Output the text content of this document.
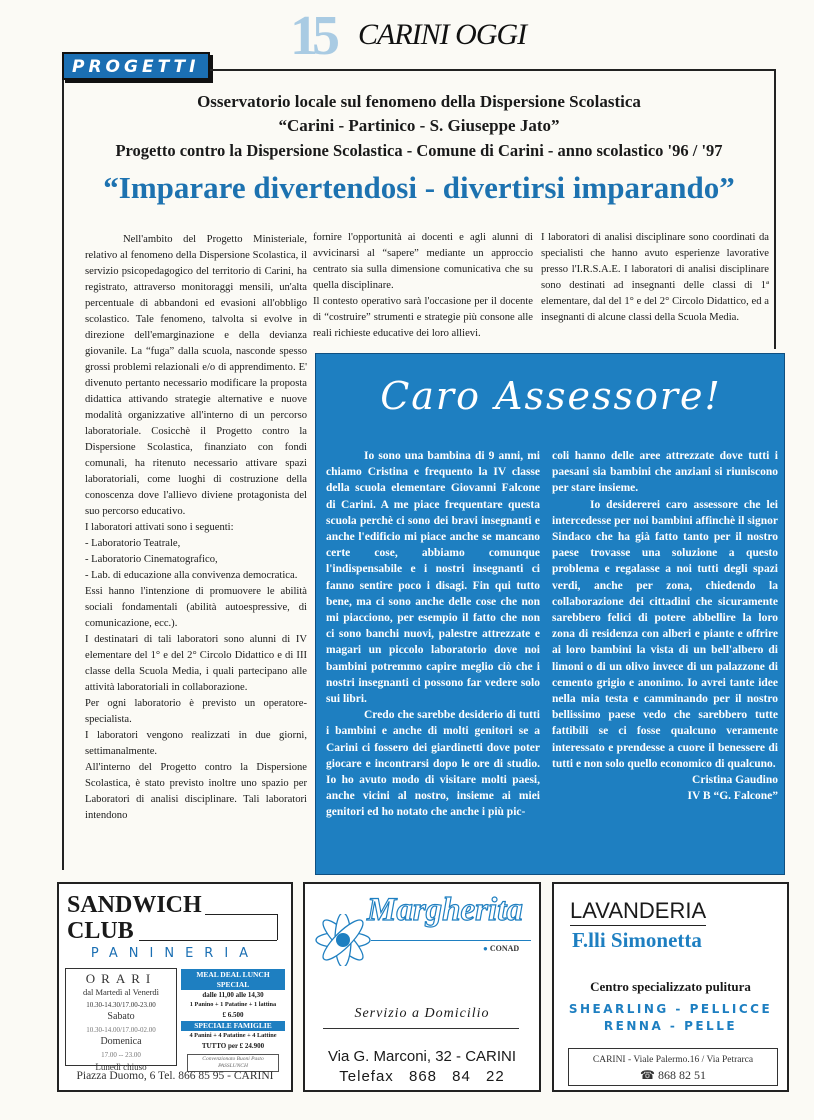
15 CARINI OGGI
PROGETTI
Osservatorio locale sul fenomeno della Dispersione Scolastica
“Carini - Partinico - S. Giuseppe Jato”
Progetto contro la Dispersione Scolastica - Comune di Carini - anno scolastico '96 / '97
“Imparare divertendosi - divertirsi imparando”

Nell'ambito del Progetto Ministeriale, relativo al fenomeno della Dispersione Scolastica, il servizio psicopedagogico del territorio di Carini, ha registrato, attraverso monitoraggi mensili, un'alta percentuale di abbandoni ed evasioni all'obbligo scolastico. Tale fenomeno, talvolta si evolve in direzione dell'emarginazione e della devianza giovanile. La “fuga” dalla scuola, nasconde spesso grossi problemi relazionali e/o di apprendimento. E' divenuto pertanto necessario modificare la proposta didattica attivando strategie alternative e nuove modalità organizzative all'interno di un percorso laboratoriale. Cosicchè il Progetto contro la Dispersione Scolastica, finanziato con fondi comunali, ha ritenuto necessario attivare spazi laboratoriali, come luoghi di costruzione della conoscenza dove l'allievo diviene protagonista del suo percorso educativo.

I laboratori attivati sono i seguenti:

- Laboratorio Teatrale,

- Laboratorio Cinematografico,

- Lab. di educazione alla convivenza democratica.

Essi hanno l'intenzione di promuovere le abilità sociali fondamentali (abilità autoespressive, di comunicazione, ecc.).

I destinatari di tali laboratori sono alunni di IV elementare del 1° e del 2° Circolo Didattico e di III classe della Scuola Media, i quali partecipano alle attività laboratoriali in collaborazione.

Per ogni laboratorio è previsto un operatore-specialista.

I laboratori vengono realizzati in due giorni, settimanalmente.

All'interno del Progetto contro la Dispersione Scolastica, è stato previsto inoltre uno spazio per Laboratori di analisi disciplinare. Tali laboratori intendono

fornire l'opportunità ai docenti e agli alunni di avvicinarsi al “sapere” mediante un approccio centrato sia sulla dimensione comunicativa che su quella disciplinare.

Il contesto operativo sarà l'occasione per il docente di “costruire” strumenti e strategie più consone alle reali richieste educative dei loro allievi.

I laboratori di analisi disciplinare sono coordinati da specialisti che hanno avuto esperienze lavorative presso l'I.R.S.A.E. I laboratori di analisi disciplinare sono destinati ad insegnanti delle classi di 1ª elementare, dal del 1° e del 2° Circolo Didattico, ed a insegnanti di alcune classi della Scuola Media.

Caro Assessore!

Io sono una bambina di 9 anni, mi chiamo Cristina e frequento la IV classe della scuola elementare Giovanni Falcone di Carini. A me piace frequentare questa scuola perchè ci sono dei bravi insegnanti e anche l'edificio mi piace anche se mancano certe cose, abbiamo comunque l'indispensabile e i nostri insegnanti ci fanno sentire poco i disagi. Fin qui tutto bene, ma ci sono anche delle cose che non mi piacciono, per esempio il fatto che non ci sono banchi nuovi, palestre attrezzate e magari un piccolo laboratorio dove noi bambini potremmo capire meglio ciò che i nostri insegnanti ci possono far vedere solo sui libri.

Credo che sarebbe desiderio di tutti i bambini e anche di molti genitori se a Carini ci fossero dei giardinetti dove poter giocare e incontrarsi dopo le ore di studio. Io ho avuto modo di visitare molti paesi, anche vicini al nostro, insieme ai miei genitori ed ho notato che anche i più pic-

coli hanno delle aree attrezzate dove tutti i paesani sia bambini che anziani si riuniscono per stare insieme.

Io desidererei caro assessore che lei intercedesse per noi bambini affinchè il signor Sindaco che ha già fatto tanto per il nostro paese trovasse una soluzione a questo problema e regalasse a noi tutti degli spazi verdi, anche per zona, chiedendo la collaborazione dei cittadini che sicuramente sarebbero felici di potere abbellire la loro zona di residenza con alberi e piante e offrire ai loro bambini la vista di un bell'albero di limoni o di un olivo invece di un palazzone di cemento grigio e anonimo. Io avrei tante idee nella mia testa e camminando per il nostro bellissimo paese vedo che sarebbero tutte fattibili se ci fosse qualcuno veramente interessato e prendesse a cuore il benessere di tutti e non solo quello economico di qualcuno.

Cristina Gaudino

IV B “G. Falcone”

SANDWICH
CLUB
PANINERIA
ORARI
dal Martedì al Venerdì
10.30-14.30/17.00-23.00
Sabato
10.30-14.00/17.00-02.00
Domenica
17.00 -- 23.00
Lunedì chiuso
MEAL DEAL LUNCH SPECIAL
dalle 11,00 alle 14,30
1 Panino + 1 Patatine + 1 lattina
£ 6.500
SPECIALE FAMIGLIE
4 Panini + 4 Patatine + 4 Lattine
TUTTO per £ 24.900
Convenzionato Buoni Pasto PASSLUNCH
Piazza Duomo, 6 Tel. 866 85 95 - CARINI
Margherita
● CONAD
Servizio a Domicilio
Via G. Marconi, 32 - CARINI
Telefax 868 84 22
LAVANDERIA
F.lli Simonetta
Centro specializzato pulitura
SHEARLING - PELLICCE
RENNA - PELLE
CARINI - Viale Palermo.16 / Via Petrarca
☎ 868 82 51
